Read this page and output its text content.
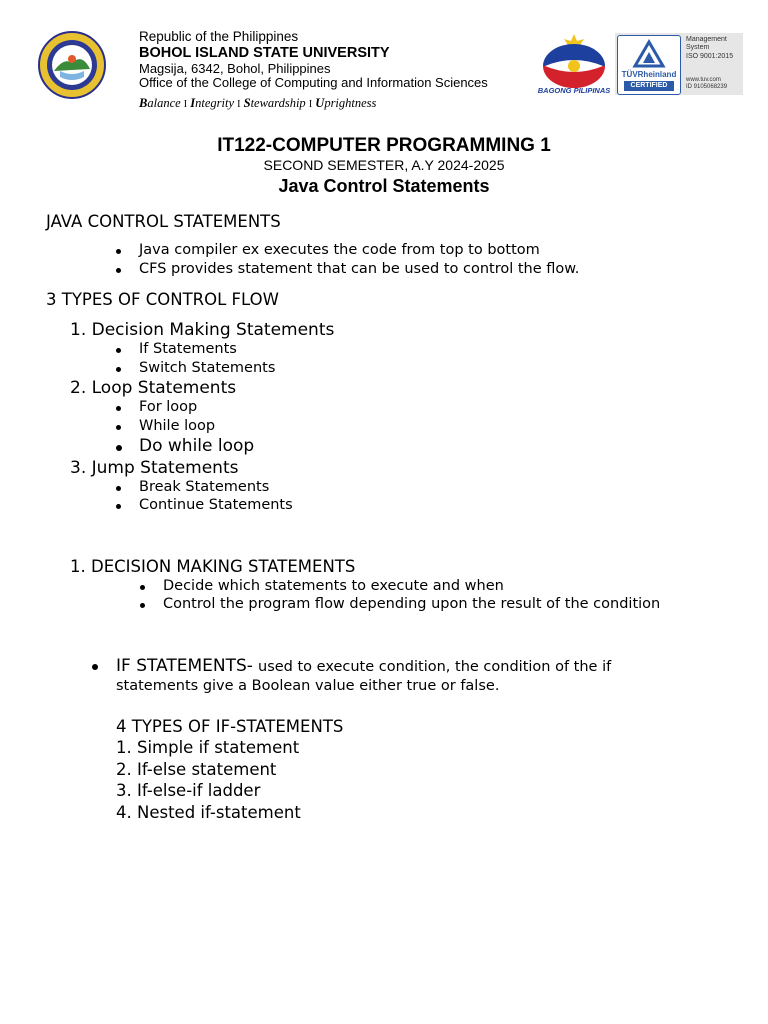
BAGONG PILIPINAS
TÜVRheinland
CERTIFIED
Management
System
ISO 9001:2015
www.tuv.com
ID 9105068239
Republic of the Philippines
BOHOL ISLAND STATE UNIVERSITY
Magsija, 6342, Bohol, Philippines
Office of the College of Computing and Information Sciences
Balance I Integrity I Stewardship I Uprightness
IT122-COMPUTER PROGRAMMING 1
SECOND SEMESTER, A.Y 2024-2025
Java Control Statements
JAVA CONTROL STATEMENTS
Java compiler ex executes the code from top to bottom
CFS provides statement that can be used to control the flow.
3 TYPES OF CONTROL FLOW
1. Decision Making Statements
If Statements
Switch Statements
2. Loop Statements
For loop
While loop
Do while loop
3. Jump Statements
Break Statements
Continue Statements
1. DECISION MAKING STATEMENTS
Decide which statements to execute and when
Control the program flow depending upon the result of the condition
IF STATEMENTS- used to execute condition, the condition of the if
statements give a Boolean value either true or false.
4 TYPES OF IF-STATEMENTS
1. Simple if statement
2. If-else statement
3. If-else-if ladder
4. Nested if-statement
